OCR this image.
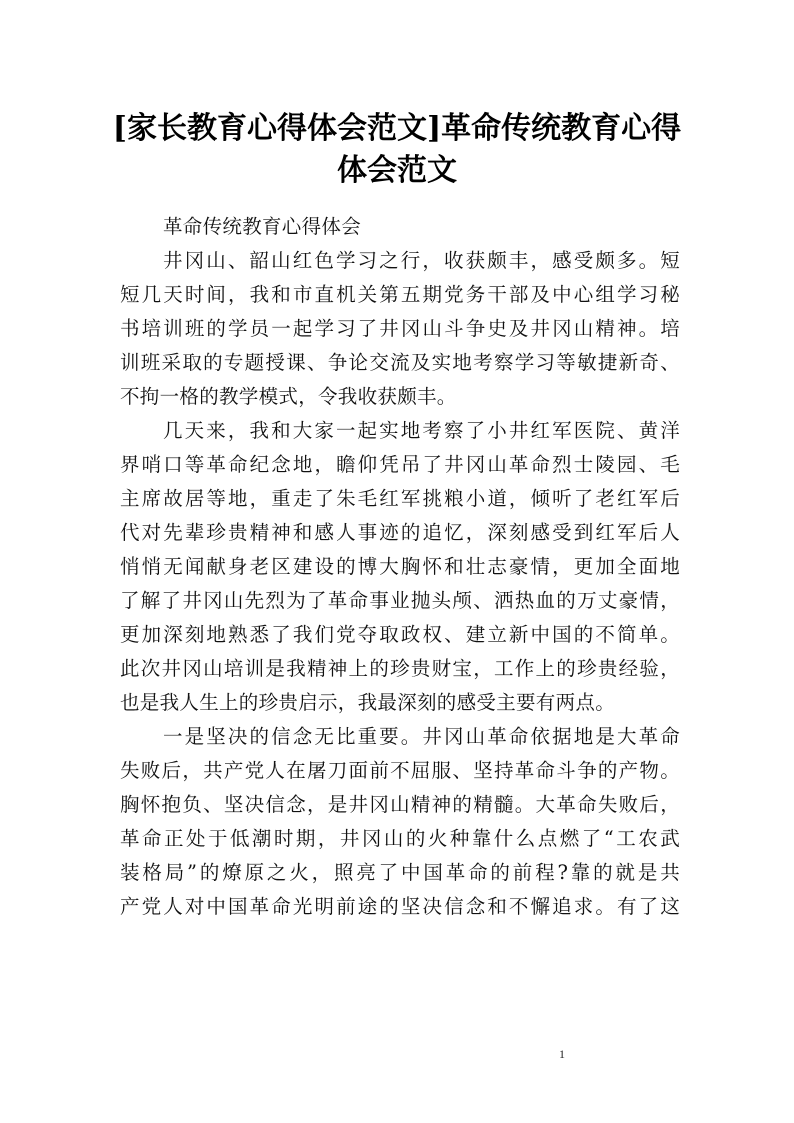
[家长教育心得体会范文]革命传统教育心得
体会范文
革命传统教育心得体会
井冈山、韶山红色学习之行，收获颇丰，感受颇多。短
短几天时间，我和市直机关第五期党务干部及中心组学习秘
书培训班的学员一起学习了井冈山斗争史及井冈山精神。培
训班采取的专题授课、争论交流及实地考察学习等敏捷新奇、
不拘一格的教学模式，令我收获颇丰。
几天来，我和大家一起实地考察了小井红军医院、黄洋
界哨口等革命纪念地，瞻仰凭吊了井冈山革命烈士陵园、毛
主席故居等地，重走了朱毛红军挑粮小道，倾听了老红军后
代对先辈珍贵精神和感人事迹的追忆，深刻感受到红军后人
悄悄无闻献身老区建设的博大胸怀和壮志豪情，更加全面地
了解了井冈山先烈为了革命事业抛头颅、洒热血的万丈豪情，
更加深刻地熟悉了我们党夺取政权、建立新中国的不简单。
此次井冈山培训是我精神上的珍贵财宝，工作上的珍贵经验，
也是我人生上的珍贵启示，我最深刻的感受主要有两点。
一是坚决的信念无比重要。井冈山革命依据地是大革命
失败后，共产党人在屠刀面前不屈服、坚持革命斗争的产物。
胸怀抱负、坚决信念，是井冈山精神的精髓。大革命失败后，
革命正处于低潮时期，井冈山的火种靠什么点燃了“工农武
装格局”的燎原之火，照亮了中国革命的前程?靠的就是共
产党人对中国革命光明前途的坚决信念和不懈追求。有了这
1
